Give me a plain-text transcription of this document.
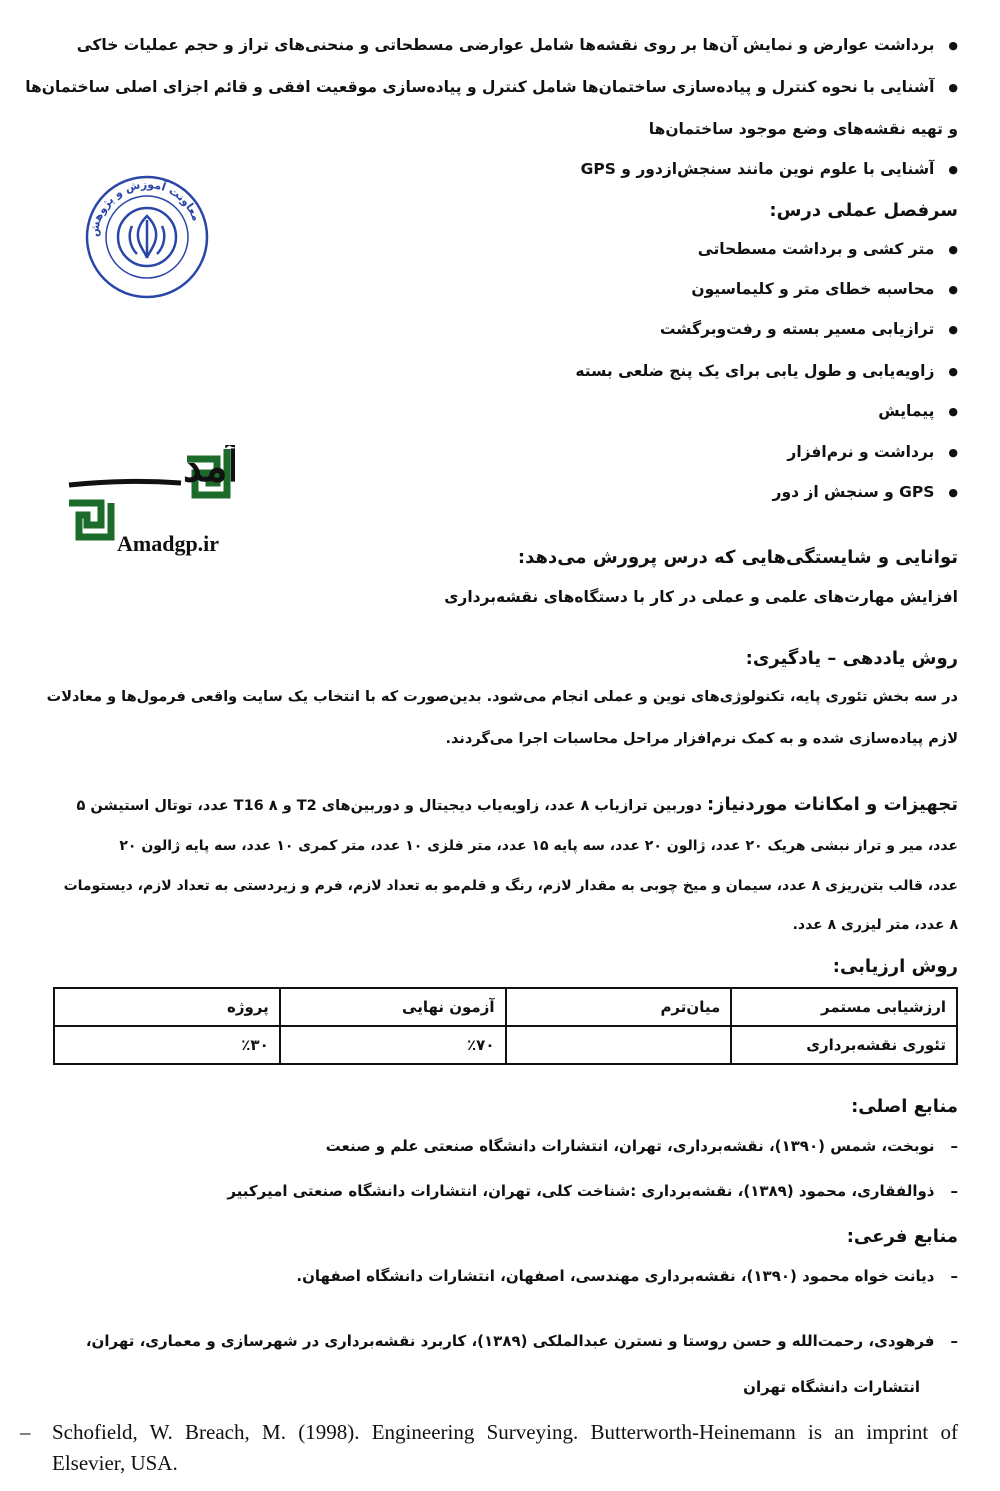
● برداشت عوارض و نمایش آن‌ها بر روی نقشه‌ها شامل عوارضی مسطحاتی و منحنی‌های تراز و حجم عملیات خاکی
● آشنایی با نحوه کنترل و پیاده‌سازی ساختمان‌ها شامل کنترل و پیاده‌سازی موقعیت افقی و قائم اجزای اصلی ساختمان‌ها
و تهیه نقشه‌های وضع موجود ساختمان‌ها
● آشنایی با علوم نوین مانند سنجش‌ازدور و GPS
سرفصل عملی درس:
● متر کشی و برداشت مسطحاتی
● محاسبه خطای متر و کلیماسیون
● ترازیابی مسیر بسته و رفت‌وبرگشت
● زاویه‌یابی و طول یابی برای یک پنج ضلعی بسته
● پیمایش
● برداشت و نرم‌افزار
● GPS و سنجش از دور
معاونت آموزش و پژوهش
آمد
Amadgp.ir
توانایی و شایستگی‌هایی که درس پرورش می‌دهد:
افزایش مهارت‌های علمی و عملی در کار با دستگاه‌های نقشه‌برداری
روش یاددهی – یادگیری:
در سه بخش تئوری پایه، تکنولوژی‌های نوین و عملی انجام می‌شود. بدین‌صورت که با انتخاب یک سایت واقعی فرمول‌ها و معادلات
لازم پیاده‌سازی شده و به کمک نرم‌افزار مراحل محاسبات اجرا می‌گردند.
تجهیزات و امکانات موردنیاز: دوربین ترازیاب ۸ عدد، زاویه‌یاب دیجیتال و دوربین‌های T2 و T16 ۸ عدد، توتال استیشن ۵
عدد، میر و تراز نبشی هریک ۲۰ عدد، ژالون ۲۰ عدد، سه پایه ۱۵ عدد، متر فلزی ۱۰ عدد، متر کمری ۱۰ عدد، سه پایه ژالون ۲۰
عدد، قالب بتن‌ریزی ۸ عدد، سیمان و میخ چوبی به مقدار لازم، رنگ و قلم‌مو به تعداد لازم، فرم و زیردستی به تعداد لازم، دیستومات
۸ عدد، متر لیزری ۸ عدد.
روش ارزیابی:
ارزشیابی مستمر	میان‌ترم	آزمون نهایی	پروژه
تئوری نقشه‌برداری		٪۷۰	٪۳۰
منابع اصلی:
–نوبخت، شمس (۱۳۹۰)، نقشه‌برداری، تهران، انتشارات دانشگاه صنعتی علم و صنعت
–ذوالفقاری، محمود (۱۳۸۹)، نقشه‌برداری :شناخت کلی، تهران، انتشارات دانشگاه صنعتی امیرکبیر
منابع فرعی:
–دیانت خواه محمود (۱۳۹۰)، نقشه‌برداری مهندسی، اصفهان، انتشارات دانشگاه اصفهان.
–فرهودی، رحمت‌الله و حسن روستا و نسترن عبدالملکی (۱۳۸۹)، کاربرد نقشه‌برداری در شهرسازی و معماری، تهران،
انتشارات دانشگاه تهران
– Schofield, W. Breach, M. (1998). Engineering Surveying. Butterworth-Heinemann is an imprint of Elsevier, USA.
